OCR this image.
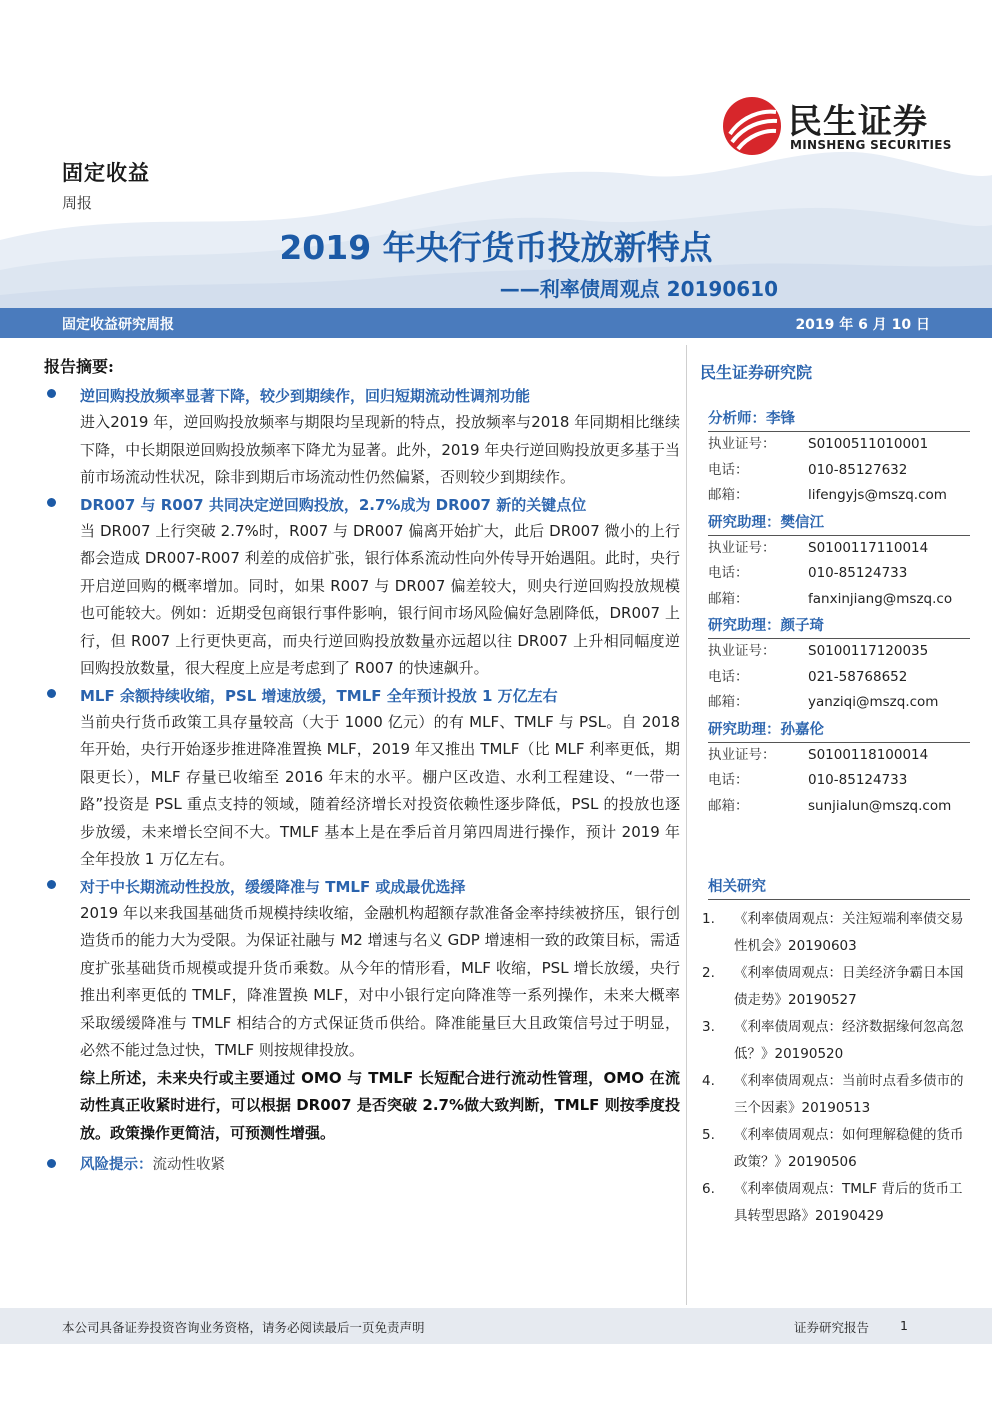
固定收益
周报
民生证券
MINSHENG SECURITIES
2019 年央行货币投放新特点
——利率债周观点 20190610
固定收益研究周报	2019 年 6 月 10 日
报告摘要:
逆回购投放频率显著下降，较少到期续作，回归短期流动性调剂功能
进入2019 年，逆回购投放频率与期限均呈现新的特点，投放频率与2018 年同期相比继续下降，中长期限逆回购投放频率下降尤为显著。此外，2019 年央行逆回购投放更多基于当前市场流动性状况，除非到期后市场流动性仍然偏紧，否则较少到期续作。
DR007 与 R007 共同决定逆回购投放，2.7%成为 DR007 新的关键点位
当 DR007 上行突破 2.7%时，R007 与 DR007 偏离开始扩大，此后 DR007 微小的上行都会造成 DR007-R007 利差的成倍扩张，银行体系流动性向外传导开始遇阻。此时，央行开启逆回购的概率增加。同时，如果 R007 与 DR007 偏差较大，则央行逆回购投放规模也可能较大。例如：近期受包商银行事件影响，银行间市场风险偏好急剧降低，DR007 上行，但 R007 上行更快更高，而央行逆回购投放数量亦远超以往 DR007 上升相同幅度逆回购投放数量，很大程度上应是考虑到了 R007 的快速飙升。
MLF 余额持续收缩，PSL 增速放缓，TMLF 全年预计投放 1 万亿左右
当前央行货币政策工具存量较高（大于 1000 亿元）的有 MLF、TMLF 与 PSL。自 2018 年开始，央行开始逐步推进降准置换 MLF，2019 年又推出 TMLF（比 MLF 利率更低，期限更长），MLF 存量已收缩至 2016 年末的水平。棚户区改造、水利工程建设、“一带一路”投资是 PSL 重点支持的领域，随着经济增长对投资依赖性逐步降低，PSL 的投放也逐步放缓，未来增长空间不大。TMLF 基本上是在季后首月第四周进行操作，预计 2019 年全年投放 1 万亿左右。
对于中长期流动性投放，缓缓降准与 TMLF 或成最优选择
2019 年以来我国基础货币规模持续收缩，金融机构超额存款准备金率持续被挤压，银行创造货币的能力大为受限。为保证社融与 M2 增速与名义 GDP 增速相一致的政策目标，需适度扩张基础货币规模或提升货币乘数。从今年的情形看，MLF 收缩，PSL 增长放缓，央行推出利率更低的 TMLF，降准置换 MLF，对中小银行定向降准等一系列操作，未来大概率采取缓缓降准与 TMLF 相结合的方式保证货币供给。降准能量巨大且政策信号过于明显，必然不能过急过快，TMLF 则按规律投放。
综上所述，未来央行或主要通过 OMO 与 TMLF 长短配合进行流动性管理，OMO 在流动性真正收紧时进行，可以根据 DR007 是否突破 2.7%做大致判断，TMLF 则按季度投放。政策操作更简洁，可预测性增强。
风险提示：流动性收紧
民生证券研究院
分析师：李锋
执业证号：	S0100511010001
电话：	010-85127632
邮箱：	lifengyjs@mszq.com
研究助理：樊信江
执业证号：	S0100117110014
电话：	010-85124733
邮箱：	fanxinjiang@mszq.co
研究助理：颜子琦
执业证号：	S0100117120035
电话：	021-58768652
邮箱：	yanziqi@mszq.com
研究助理：孙嘉伦
执业证号：	S0100118100014
电话：	010-85124733
邮箱：	sunjialun@mszq.com
相关研究
1.	《利率债周观点：关注短端利率债交易性机会》20190603
2.	《利率债周观点：日美经济争霸日本国债走势》20190527
3.	《利率债周观点：经济数据缘何忽高忽低？》20190520
4.	《利率债周观点：当前时点看多债市的三个因素》20190513
5.	《利率债周观点：如何理解稳健的货币政策？》20190506
6.	《利率债周观点：TMLF 背后的货币工具转型思路》20190429
本公司具备证券投资咨询业务资格，请务必阅读最后一页免责声明	证券研究报告 1
